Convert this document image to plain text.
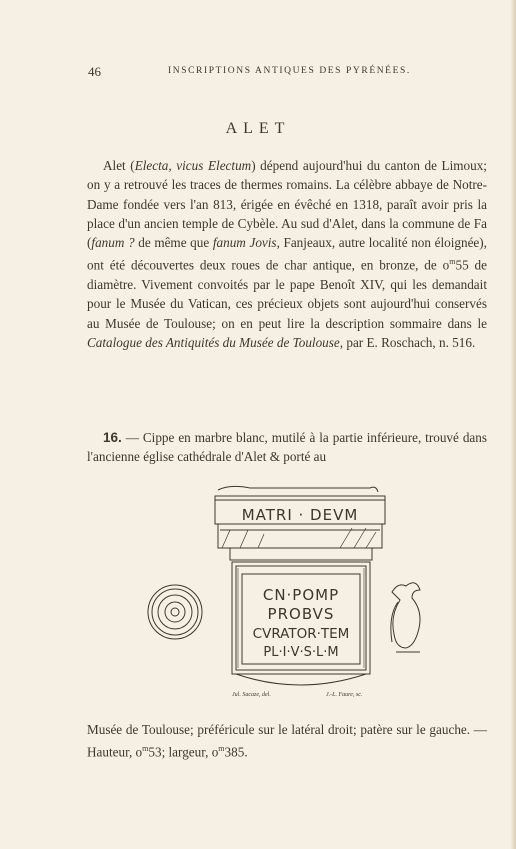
46	INSCRIPTIONS ANTIQUES DES PYRÉNÉES.
ALET

Alet (Electa, vicus Electum) dépend aujourd'hui du canton de Limoux; on y a retrouvé les traces de thermes romains. La célèbre abbaye de Notre-Dame fondée vers l'an 813, érigée en évêché en 1318, paraît avoir pris la place d'un ancien temple de Cybèle. Au sud d'Alet, dans la commune de Fa (fanum ? de même que fanum Jovis, Fanjeaux, autre localité non éloignée), ont été découvertes deux roues de char antique, en bronze, de $o^m55$ de diamètre. Vivement convoités par le pape Benoît XIV, qui les demandait pour le Musée du Vatican, ces précieux objets sont aujourd'hui conservés au Musée de Toulouse; on en peut lire la description sommaire dans le Catalogue des Antiquités du Musée de Toulouse, par E. Roschach, n. 516.

16. — Cippe en marbre blanc, mutilé à la partie inférieure, trouvé dans l'ancienne église cathédrale d'Alet & porté au

MATRI · DEVM
CN·POMP
PROBVS
CVRATOR·TEM
PL·I·V·S·L·M
Jul. Sacaze, del.	J.-L. Faure, sc.

Musée de Toulouse; préféricule sur le latéral droit; patère sur le gauche. — Hauteur, $o^m53$; largeur, $o^m385$.
